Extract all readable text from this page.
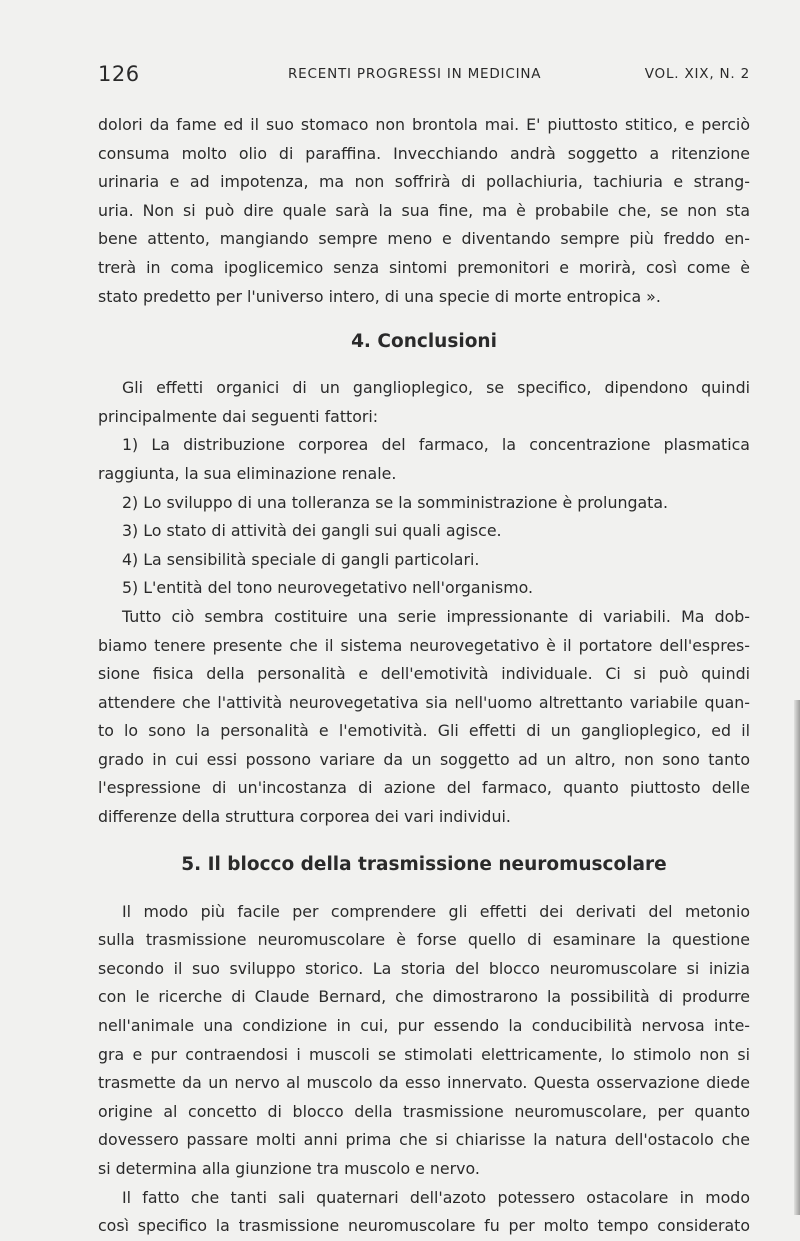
126	RECENTI PROGRESSI IN MEDICINA	VOL. XIX, N. 2
dolori da fame ed il suo stomaco non brontola mai. E' piuttosto stitico, e perciò
consuma molto olio di paraffina. Invecchiando andrà soggetto a ritenzione
urinaria e ad impotenza, ma non soffrirà di pollachiuria, tachiuria e strang-
uria. Non si può dire quale sarà la sua fine, ma è probabile che, se non sta
bene attento, mangiando sempre meno e diventando sempre più freddo en-
trerà in coma ipoglicemico senza sintomi premonitori e morirà, così come è
stato predetto per l'universo intero, di una specie di morte entropica ».
4. Conclusioni
Gli effetti organici di un ganglioplegico, se specifico, dipendono quindi
principalmente dai seguenti fattori:
1) La distribuzione corporea del farmaco, la concentrazione plasmatica
raggiunta, la sua eliminazione renale.
2) Lo sviluppo di una tolleranza se la somministrazione è prolungata.
3) Lo stato di attività dei gangli sui quali agisce.
4) La sensibilità speciale di gangli particolari.
5) L'entità del tono neurovegetativo nell'organismo.
Tutto ciò sembra costituire una serie impressionante di variabili. Ma dob-
biamo tenere presente che il sistema neurovegetativo è il portatore dell'espres-
sione fisica della personalità e dell'emotività individuale. Ci si può quindi
attendere che l'attività neurovegetativa sia nell'uomo altrettanto variabile quan-
to lo sono la personalità e l'emotività. Gli effetti di un ganglioplegico, ed il
grado in cui essi possono variare da un soggetto ad un altro, non sono tanto
l'espressione di un'incostanza di azione del farmaco, quanto piuttosto delle
differenze della struttura corporea dei vari individui.
5. Il blocco della trasmissione neuromuscolare
Il modo più facile per comprendere gli effetti dei derivati del metonio
sulla trasmissione neuromuscolare è forse quello di esaminare la questione
secondo il suo sviluppo storico. La storia del blocco neuromuscolare si inizia
con le ricerche di Claude Bernard, che dimostrarono la possibilità di produrre
nell'animale una condizione in cui, pur essendo la conducibilità nervosa inte-
gra e pur contraendosi i muscoli se stimolati elettricamente, lo stimolo non si
trasmette da un nervo al muscolo da esso innervato. Questa osservazione diede
origine al concetto di blocco della trasmissione neuromuscolare, per quanto
dovessero passare molti anni prima che si chiarisse la natura dell'ostacolo che
si determina alla giunzione tra muscolo e nervo.
Il fatto che tanti sali quaternari dell'azoto potessero ostacolare in modo
così specifico la trasmissione neuromuscolare fu per molto tempo considerato
